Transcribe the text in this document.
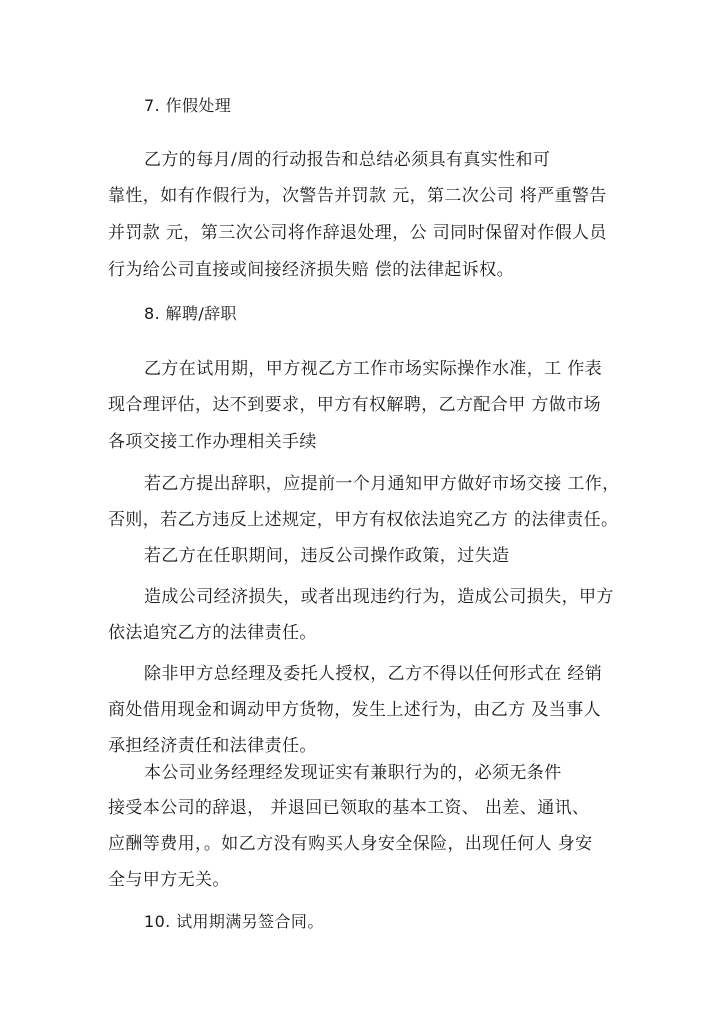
7. 作假处理
乙方的每月/周的行动报告和总结必须具有真实性和可
靠性，如有作假行为，次警告并罚款 元，第二次公司 将严重警告
并罚款 元，第三次公司将作辞退处理，公 司同时保留对作假人员
行为给公司直接或间接经济损失赔 偿的法律起诉权。
8. 解聘/辞职
乙方在试用期，甲方视乙方工作市场实际操作水准，工 作表
现合理评估，达不到要求，甲方有权解聘，乙方配合甲 方做市场
各项交接工作办理相关手续
若乙方提出辞职，应提前一个月通知甲方做好市场交接 工作，
否则，若乙方违反上述规定，甲方有权依法追究乙方 的法律责任。
若乙方在任职期间，违反公司操作政策，过失造
造成公司经济损失，或者出现违约行为，造成公司损失，甲方
依法追究乙方的法律责任。
除非甲方总经理及委托人授权，乙方不得以任何形式在 经销
商处借用现金和调动甲方货物，发生上述行为，由乙方 及当事人
承担经济责任和法律责任。
本公司业务经理经发现证实有兼职行为的，必须无条件
接受本公司的辞退， 并退回已领取的基本工资、 出差、通讯、
应酬等费用，。如乙方没有购买人身安全保险，出现任何人 身安
全与甲方无关。
10. 试用期满另签合同。
